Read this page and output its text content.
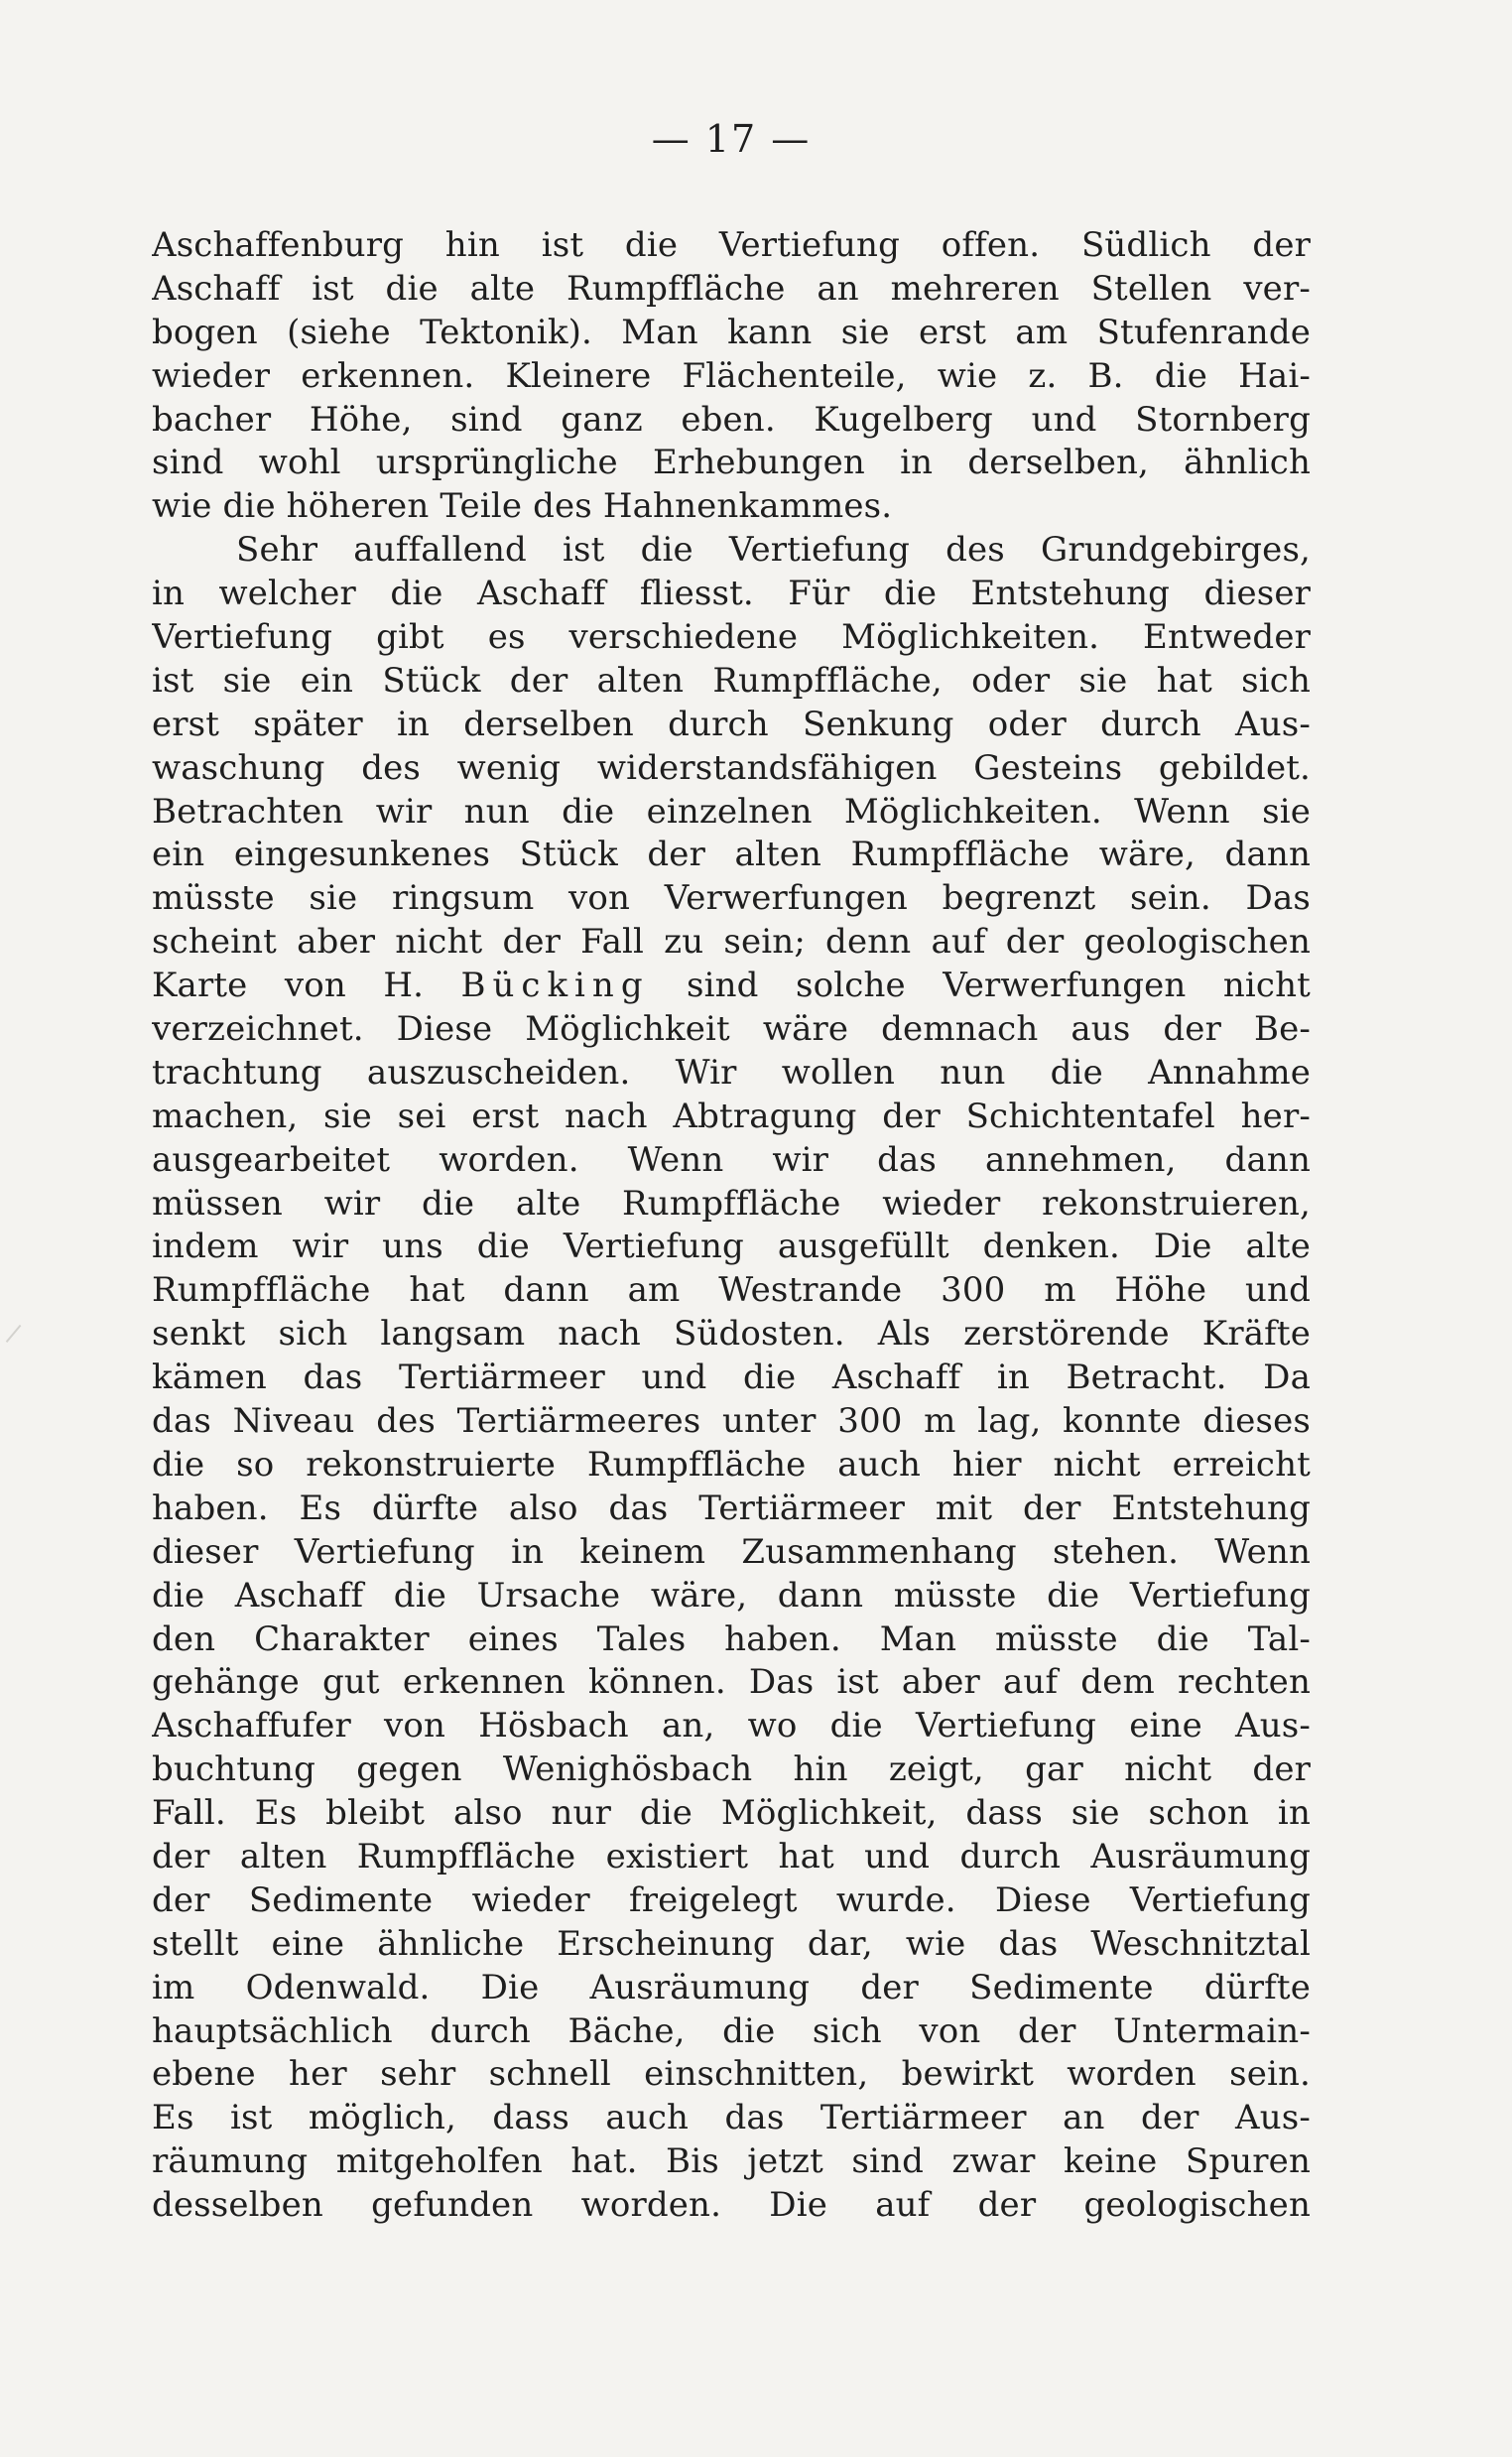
— 17 —
Aschaffenburg hin ist die Vertiefung offen. Südlich der
Aschaff ist die alte Rumpffläche an mehreren Stellen ver-
bogen (siehe Tektonik). Man kann sie erst am Stufenrande
wieder erkennen. Kleinere Flächenteile, wie z. B. die Hai-
bacher Höhe, sind ganz eben. Kugelberg und Stornberg
sind wohl ursprüngliche Erhebungen in derselben, ähnlich
wie die höheren Teile des Hahnenkammes.
Sehr auffallend ist die Vertiefung des Grundgebirges,
in welcher die Aschaff fliesst. Für die Entstehung dieser
Vertiefung gibt es verschiedene Möglichkeiten. Entweder
ist sie ein Stück der alten Rumpffläche, oder sie hat sich
erst später in derselben durch Senkung oder durch Aus-
waschung des wenig widerstandsfähigen Gesteins gebildet.
Betrachten wir nun die einzelnen Möglichkeiten. Wenn sie
ein eingesunkenes Stück der alten Rumpffläche wäre, dann
müsste sie ringsum von Verwerfungen begrenzt sein. Das
scheint aber nicht der Fall zu sein; denn auf der geologischen
Karte von H. Bücking sind solche Verwerfungen nicht
verzeichnet. Diese Möglichkeit wäre demnach aus der Be-
trachtung auszuscheiden. Wir wollen nun die Annahme
machen, sie sei erst nach Abtragung der Schichtentafel her-
ausgearbeitet worden. Wenn wir das annehmen, dann
müssen wir die alte Rumpffläche wieder rekonstruieren,
indem wir uns die Vertiefung ausgefüllt denken. Die alte
Rumpffläche hat dann am Westrande 300 m Höhe und
senkt sich langsam nach Südosten. Als zerstörende Kräfte
kämen das Tertiärmeer und die Aschaff in Betracht. Da
das Niveau des Tertiärmeeres unter 300 m lag, konnte dieses
die so rekonstruierte Rumpffläche auch hier nicht erreicht
haben. Es dürfte also das Tertiärmeer mit der Entstehung
dieser Vertiefung in keinem Zusammenhang stehen. Wenn
die Aschaff die Ursache wäre, dann müsste die Vertiefung
den Charakter eines Tales haben. Man müsste die Tal-
gehänge gut erkennen können. Das ist aber auf dem rechten
Aschaffufer von Hösbach an, wo die Vertiefung eine Aus-
buchtung gegen Wenighösbach hin zeigt, gar nicht der
Fall. Es bleibt also nur die Möglichkeit, dass sie schon in
der alten Rumpffläche existiert hat und durch Ausräumung
der Sedimente wieder freigelegt wurde. Diese Vertiefung
stellt eine ähnliche Erscheinung dar, wie das Weschnitztal
im Odenwald. Die Ausräumung der Sedimente dürfte
hauptsächlich durch Bäche, die sich von der Untermain-
ebene her sehr schnell einschnitten, bewirkt worden sein.
Es ist möglich, dass auch das Tertiärmeer an der Aus-
räumung mitgeholfen hat. Bis jetzt sind zwar keine Spuren
desselben gefunden worden. Die auf der geologischen
